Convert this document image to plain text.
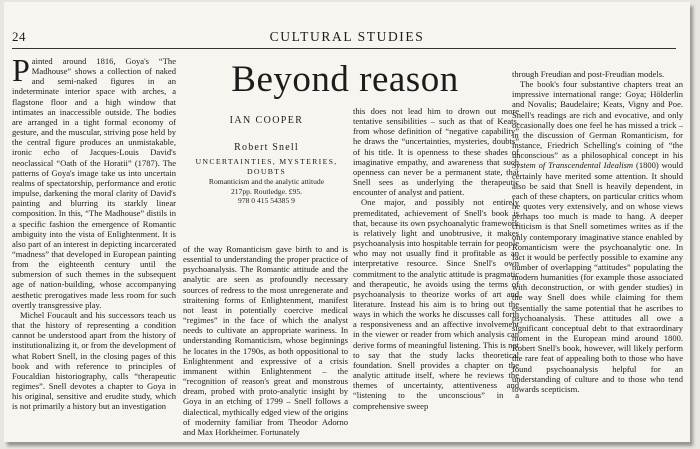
24	CULTURAL STUDIES

Painted around 1816, Goya's “The Madhouse” shows a collection of naked and semi-naked figures in an indeterminate interior space with arches, a flagstone floor and a high window that intimates an inaccessible outside. The bodies are arranged in a tight formal economy of gesture, and the muscular, striving pose held by the central figure produces an unmistakable, ironic echo of Jacques-Louis David's neoclassical “Oath of the Horatii” (1787). The patterns of Goya's image take us into uncertain realms of spectatorship, performance and erotic impulse, darkening the moral clarity of David's painting and blurring its starkly linear composition. In this, “The Madhouse” distils in a specific fashion the emergence of Romantic ambiguity into the vista of Enlightenment. It is also part of an interest in depicting incarcerated “madness” that developed in European painting from the eighteenth century until the submersion of such themes in the subsequent age of nation-building, whose accompanying aesthetic prerogatives made less room for such overtly transgressive play.

Michel Foucault and his successors teach us that the history of representing a condition cannot be understood apart from the history of institutionalizing it, or from the development of what Robert Snell, in the closing pages of this book and with reference to principles of Foucaldian historiography, calls “therapeutic regimes”. Snell devotes a chapter to Goya in his original, sensitive and erudite study, which is not primarily a history but an investigation

Beyond reason
IAN COOPER
Robert Snell
UNCERTAINTIES, MYSTERIES,
DOUBTS
Romanticism and the analytic attitude
217pp. Routledge. £95.
978 0 415 54385 9

of the way Romanticism gave birth to and is essential to understanding the proper practice of psychoanalysis. The Romantic attitude and the analytic are seen as profoundly necessary sources of redress to the most unregenerate and straitening forms of Enlightenment, manifest not least in potentially coercive medical “regimes” in the face of which the analyst needs to cultivate an appropriate wariness. In understanding Romanticism, whose beginnings he locates in the 1790s, as both oppositional to Enlightenment and expressive of a crisis immanent within Enlightenment – the “recognition of reason's great and monstrous dream, probed with proto-analytic insight by Goya in an etching of 1799 – Snell follows a dialectical, mythically edged view of the origins of modernity familiar from Theodor Adorno and Max Horkheimer. Fortunately

this does not lead him to drown out more tentative sensibilities – such as that of Keats, from whose definition of “negative capability” he draws the “uncertainties, mysteries, doubts” of his title. It is openness to these shades of imaginative empathy, and awareness that such openness can never be a permanent state, that Snell sees as underlying the therapeutic encounter of analyst and patient.

One major, and possibly not entirely premeditated, achievement of Snell's book is that, because its own psychoanalytic framework is relatively light and unobtrusive, it makes psychoanalysis into hospitable terrain for people who may not usually find it profitable as an interpretative resource. Since Snell's own commitment to the analytic attitude is pragmatic and therapeutic, he avoids using the terms of psychoanalysis to theorize works of art and literature. Instead his aim is to bring out the ways in which the works he discusses call forth a responsiveness and an affective involvement in the viewer or reader from which analysis can derive forms of meaningful listening. This is not to say that the study lacks theoretical foundation. Snell provides a chapter on the analytic attitude itself, where he reviews the themes of uncertainty, attentiveness and “listening to the unconscious” in a comprehensive sweep

through Freudian and post-Freudian models.

The book's four substantive chapters treat an impressive international range: Goya; Hölderlin and Novalis; Baudelaire; Keats, Vigny and Poe. Snell's readings are rich and evocative, and only occasionally does one feel he has missed a trick – in the discussion of German Romanticism, for instance, Friedrich Schelling's coining of “the unconscious” as a philosophical concept in his System of Transcendental Idealism (1800) would certainly have merited some attention. It should also be said that Snell is heavily dependent, in each of these chapters, on particular critics whom he quotes very extensively, and on whose views perhaps too much is made to hang. A deeper criticism is that Snell sometimes writes as if the only contemporary imaginative stance enabled by Romanticism were the psychoanalytic one. In fact it would be perfectly possible to examine any number of overlapping “attitudes” populating the modern humanities (for example those associated with deconstruction, or with gender studies) in the way Snell does while claiming for them essentially the same potential that he ascribes to psychoanalysis. These attitudes all owe a significant conceptual debt to that extraordinary moment in the European mind around 1800. Robert Snell's book, however, will likely perform the rare feat of appealing both to those who have found psychoanalysis helpful for an understanding of culture and to those who tend towards scepticism.
